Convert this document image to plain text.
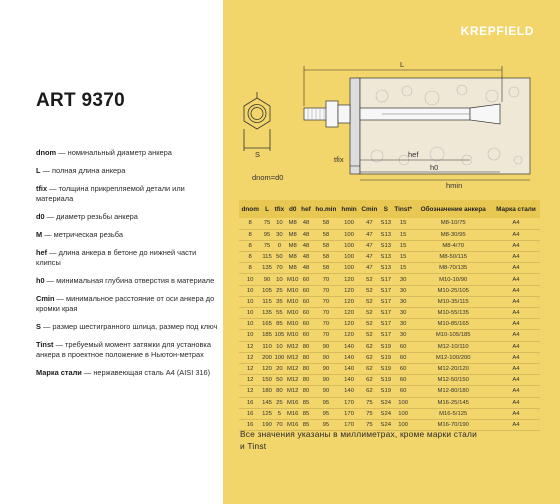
ART 9370
dnom — номинальный диаметр анкера
L — полная длина анкера
tfix — толщина прикрепляемой детали или материала
d0 — диаметр резьбы анкера
M — метрическая резьба
hef — длина анкера в бетоне до нижней части клипсы
h0 — минимальная глубина отверстия в материале
Cmin — минимальное расстояние от оси анкера до кромки края
S — размер шестигранного шлица, размер под ключ
Tinst — требуемый момент затяжки для установка анкера в проектное положение в Ньютон-метрах
Марка стали — нержавеющая сталь А4 (AISI 316)
KREPFIELD
S
L
tfix
hef
h0
hmin
dnom=d0
dnom	L	tfix	d0	hef	ho.min	hmin	Cmin	S	Tinst*	Обозначение анкера	Марка стали
8	75	10	M8	48	58	100	47	S13	15	M8-10/75	A4
8	95	30	M8	48	58	100	47	S13	15	M8-30/95	A4
8	75	0	M8	48	58	100	47	S13	15	M8-4/70	A4
8	115	50	M8	48	58	100	47	S13	15	M8-50/115	A4
8	135	70	M8	48	58	100	47	S13	15	M8-70/135	A4
10	90	10	M10	60	70	120	52	S17	30	M10-10/90	A4
10	105	25	M10	60	70	120	52	S17	30	M10-25/105	A4
10	115	35	M10	60	70	120	52	S17	30	M10-35/115	A4
10	135	55	M10	60	70	120	52	S17	30	M10-55/135	A4
10	165	85	M10	60	70	120	52	S17	30	M10-85/165	A4
10	185	105	M10	60	70	120	52	S17	30	M10-105/185	A4
12	110	10	M12	80	90	140	62	S19	60	M12-10/110	A4
12	200	100	M12	80	90	140	62	S19	60	M12-100/200	A4
12	120	20	M12	80	90	140	62	S19	60	M12-20/120	A4
12	150	50	M12	80	90	140	62	S19	60	M12-50/150	A4
12	180	80	M12	80	90	140	62	S19	60	M12-80/180	A4
16	145	25	M16	85	95	170	75	S24	100	M16-25/145	A4
16	125	5	M16	85	95	170	75	S24	100	M16-5/125	A4
16	190	70	M16	85	95	170	75	S24	100	M16-70/190	A4
Все значения указаны в миллиметрах, кроме марки стали и Tinst
